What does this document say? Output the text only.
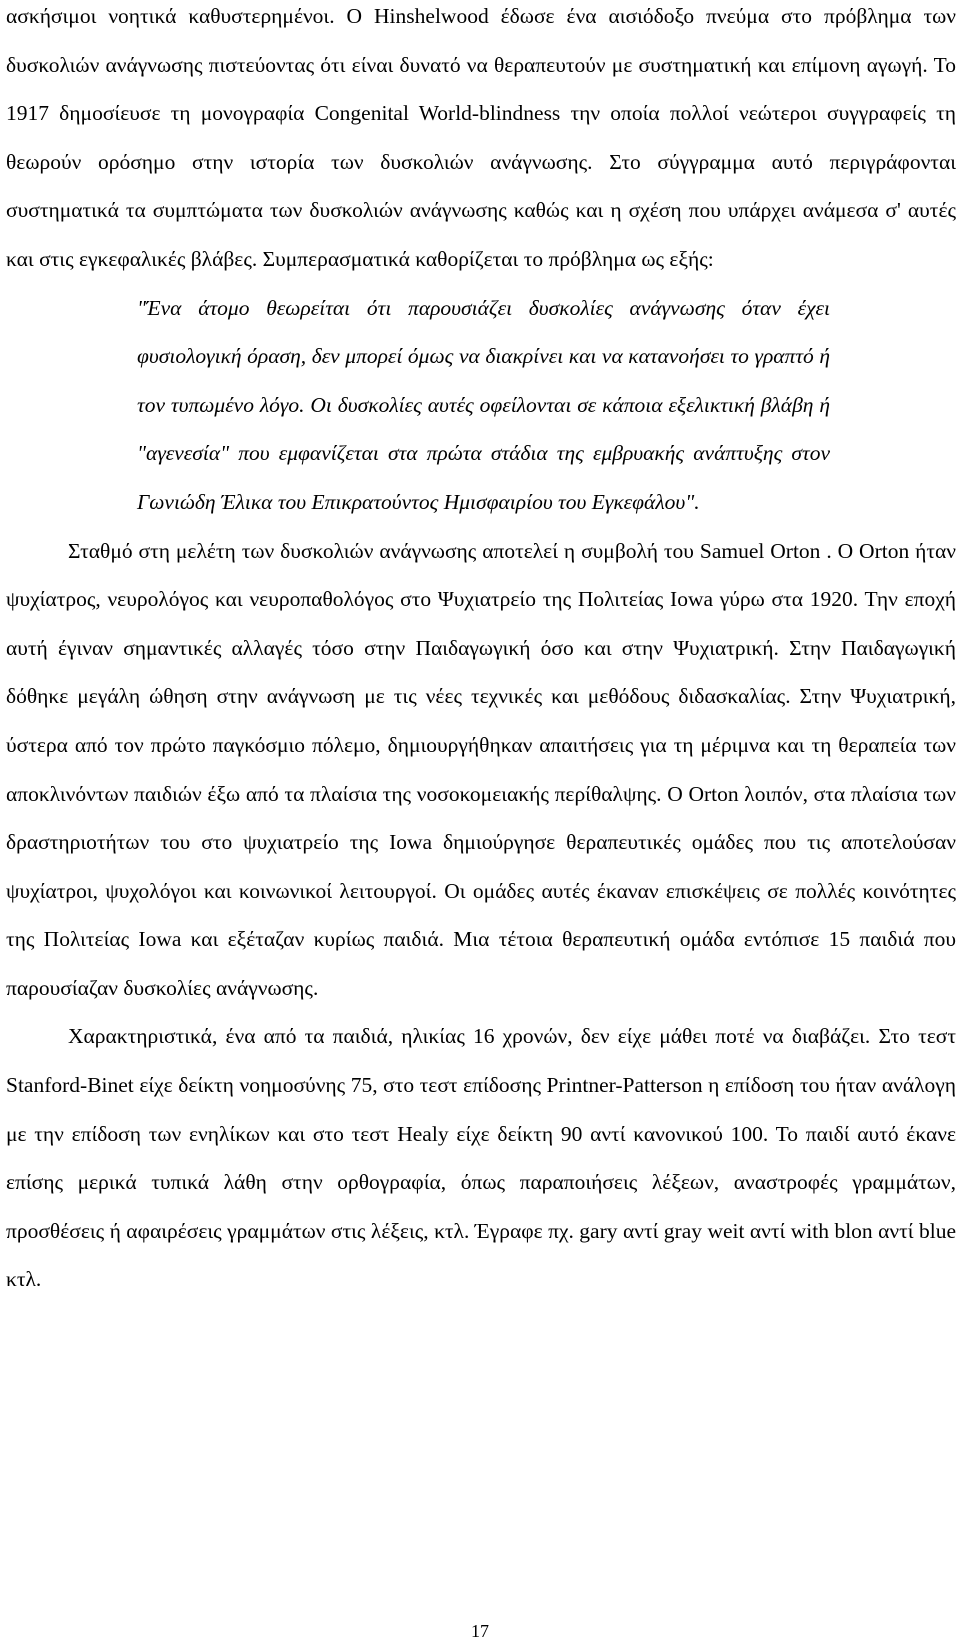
ασκήσιμοι νοητικά καθυστερημένοι. Ο Hinshelwood έδωσε ένα αισιόδοξο πνεύμα στο πρόβλημα των δυσκολιών ανάγνωσης πιστεύοντας ότι είναι δυνατό να θεραπευτούν με συστηματική και επίμονη αγωγή. Το 1917 δημοσίευσε τη μονογραφία Congenital World-blindness την οποία πολλοί νεώτεροι συγγραφείς τη θεωρούν ορόσημο στην ιστορία των δυσκολιών ανάγνωσης. Στο σύγγραμμα αυτό περιγράφονται συστηματικά τα συμπτώματα των δυσκολιών ανάγνωσης καθώς και η σχέση που υπάρχει ανάμεσα σ' αυτές και στις εγκεφαλικές βλάβες. Συμπερασματικά καθορίζεται το πρόβλημα ως εξής:

"Ένα άτομο θεωρείται ότι παρουσιάζει δυσκολίες ανάγνωσης όταν έχει φυσιολογική όραση, δεν μπορεί όμως να διακρίνει και να κατανοήσει το γραπτό ή τον τυπωμένο λόγο. Οι δυσκολίες αυτές οφείλονται σε κάποια εξελικτική βλάβη ή "αγενεσία" που εμφανίζεται στα πρώτα στάδια της εμβρυακής ανάπτυξης στον Γωνιώδη Έλικα του Επικρατούντος Ημισφαιρίου του Εγκεφάλου".

Σταθμό στη μελέτη των δυσκολιών ανάγνωσης αποτελεί η συμβολή του Samuel Orton . Ο Orton ήταν ψυχίατρος, νευρολόγος και νευροπαθολόγος στο Ψυχιατρείο της Πολιτείας Iowa γύρω στα 1920. Την εποχή αυτή έγιναν σημαντικές αλλαγές τόσο στην Παιδαγωγική όσο και στην Ψυχιατρική. Στην Παιδαγωγική δόθηκε μεγάλη ώθηση στην ανάγνωση με τις νέες τεχνικές και μεθόδους διδασκαλίας. Στην Ψυχιατρική, ύστερα από τον πρώτο παγκόσμιο πόλεμο, δημιουργήθηκαν απαιτήσεις για τη μέριμνα και τη θεραπεία των αποκλινόντων παιδιών έξω από τα πλαίσια της νοσοκομειακής περίθαλψης. Ο Orton λοιπόν, στα πλαίσια των δραστηριοτήτων του στο ψυχιατρείο της Iowa δημιούργησε θεραπευτικές ομάδες που τις αποτελούσαν ψυχίατροι, ψυχολόγοι και κοινωνικοί λειτουργοί. Οι ομάδες αυτές έκαναν επισκέψεις σε πολλές κοινότητες της Πολιτείας Iowa και εξέταζαν κυρίως παιδιά. Μια τέτοια θεραπευτική ομάδα εντόπισε 15 παιδιά που παρουσίαζαν δυσκολίες ανάγνωσης.

Χαρακτηριστικά, ένα από τα παιδιά, ηλικίας 16 χρονών, δεν είχε μάθει ποτέ να διαβάζει. Στο τεστ Stanford-Binet είχε δείκτη νοημοσύνης 75, στο τεστ επίδοσης Printner-Patterson η επίδοση του ήταν ανάλογη με την επίδοση των ενηλίκων και στο τεστ Healy είχε δείκτη 90 αντί κανονικού 100. Το παιδί αυτό έκανε επίσης μερικά τυπικά λάθη στην ορθογραφία, όπως παραποιήσεις λέξεων, αναστροφές γραμμάτων, προσθέσεις ή αφαιρέσεις γραμμάτων στις λέξεις, κτλ. Έγραφε πχ. gary αντί gray weit αντί with blon αντί blue κτλ.

17
